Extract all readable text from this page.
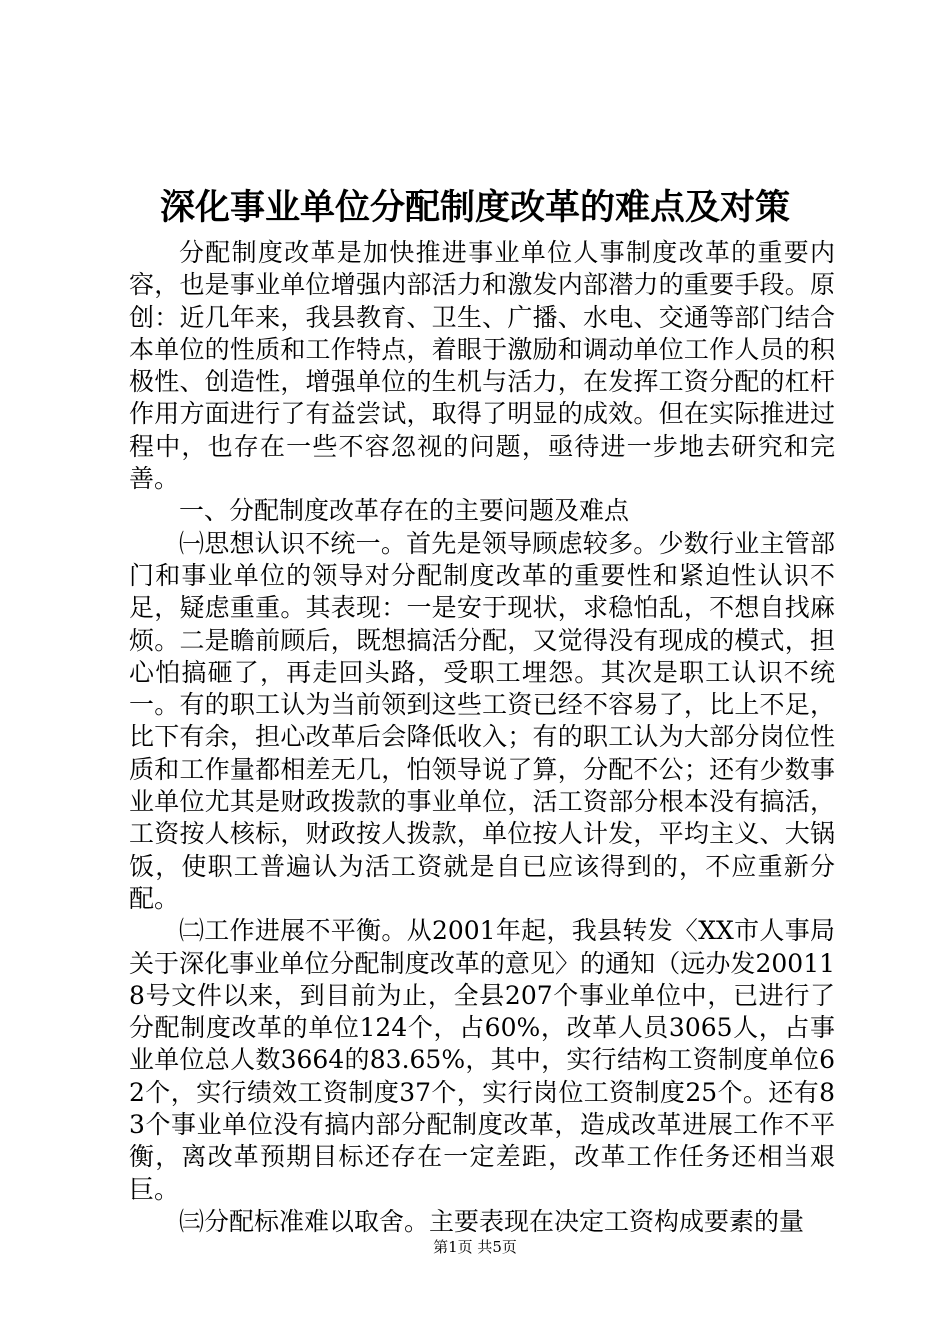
深化事业单位分配制度改革的难点及对策

分配制度改革是加快推进事业单位人事制度改革的重要内容，也是事业单位增强内部活力和激发内部潜力的重要手段。原创：近几年来，我县教育、卫生、广播、水电、交通等部门结合本单位的性质和工作特点，着眼于激励和调动单位工作人员的积极性、创造性，增强单位的生机与活力，在发挥工资分配的杠杆作用方面进行了有益尝试，取得了明显的成效。但在实际推进过程中，也存在一些不容忽视的问题，亟待进一步地去研究和完善。

一、分配制度改革存在的主要问题及难点

㈠思想认识不统一。首先是领导顾虑较多。少数行业主管部门和事业单位的领导对分配制度改革的重要性和紧迫性认识不足，疑虑重重。其表现：一是安于现状，求稳怕乱，不想自找麻烦。二是瞻前顾后，既想搞活分配，又觉得没有现成的模式，担心怕搞砸了，再走回头路，受职工埋怨。其次是职工认识不统一。有的职工认为当前领到这些工资已经不容易了，比上不足，比下有余，担心改革后会降低收入；有的职工认为大部分岗位性质和工作量都相差无几，怕领导说了算，分配不公；还有少数事业单位尤其是财政拨款的事业单位，活工资部分根本没有搞活，工资按人核标，财政按人拨款，单位按人计发，平均主义、大锅饭，使职工普遍认为活工资就是自已应该得到的，不应重新分配。

㈡工作进展不平衡。从2001年起，我县转发〈XX市人事局关于深化事业单位分配制度改革的意见〉的通知（远办发200118号文件以来，到目前为止，全县207个事业单位中，已进行了分配制度改革的单位124个，占60%，改革人员3065人，占事业单位总人数3664的83.65%，其中，实行结构工资制度单位62个，实行绩效工资制度37个，实行岗位工资制度25个。还有83个事业单位没有搞内部分配制度改革，造成改革进展工作不平衡，离改革预期目标还存在一定差距，改革工作任务还相当艰巨。

㈢分配标准难以取舍。主要表现在决定工资构成要素的量

第1页 共5页
